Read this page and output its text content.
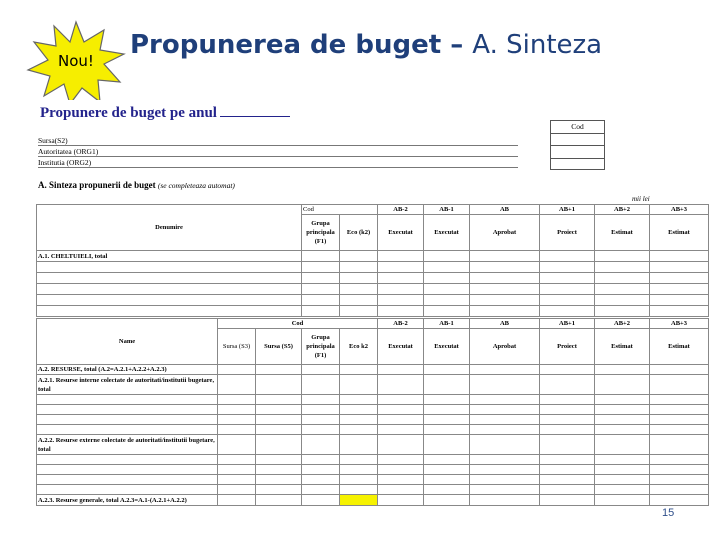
Nou!
Propunerea de buget – A. Sinteza
Propunere de buget pe anul
Sursa(S2)
Autoritatea (ORG1)
Institutia (ORG2)
Cod
A. Sinteza propunerii de buget (se completeaza automat)
mii lei
Denumire	Cod		AB-2	AB-1	AB	AB+1	AB+2	AB+3
	Grupa principala (F1)	Eco (k2)	Executat	Executat	Aprobat	Proiect	Estimat	Estimat
A.1. CHELTUIELI, total								

Name	Cod				AB-2	AB-1	AB	AB+1	AB+2	AB+3
	Sursa (S3)	Sursa (S5)	Grupa principala (F1)	Eco k2	Executat	Executat	Aprobat	Proiect	Estimat	Estimat
A.2. RESURSE, total (A.2=A.2.1+A.2.2+A.2.3)										
A.2.1. Resurse interne colectate de autoritati/institutii bugetare, total										

A.2.2. Resurse externe colectate de autoritati/institutii bugetare, total										

A.2.3. Resurse generale, total A.2.3=A.1-(A.2.1+A.2.2)										
15
